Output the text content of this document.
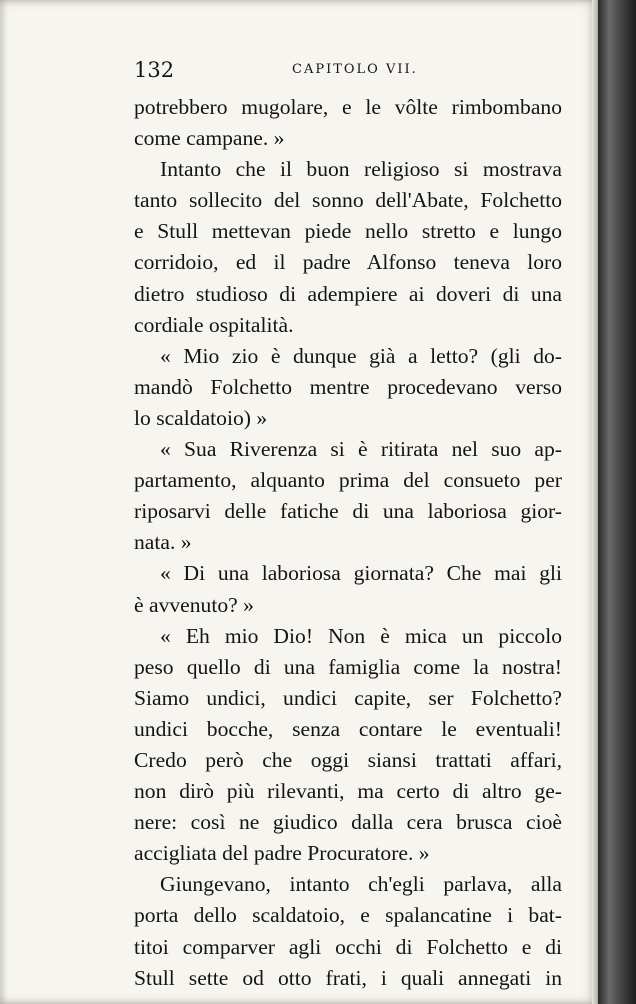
132	CAPITOLO VII.

potrebbero mugolare, e le vôlte rimbombano
come campane. »

Intanto che il buon religioso si mostrava
tanto sollecito del sonno dell'Abate, Folchetto
e Stull mettevan piede nello stretto e lungo
corridoio, ed il padre Alfonso teneva loro
dietro studioso di adempiere ai doveri di una
cordiale ospitalità.

« Mio zio è dunque già a letto? (gli do-
mandò Folchetto mentre procedevano verso
lo scaldatoio) »

« Sua Riverenza si è ritirata nel suo ap-
partamento, alquanto prima del consueto per
riposarvi delle fatiche di una laboriosa gior-
nata. »

« Di una laboriosa giornata? Che mai gli
è avvenuto? »

« Eh mio Dio! Non è mica un piccolo
peso quello di una famiglia come la nostra!
Siamo undici, undici capite, ser Folchetto?
undici bocche, senza contare le eventuali!
Credo però che oggi siansi trattati affari,
non dirò più rilevanti, ma certo di altro ge-
nere: così ne giudico dalla cera brusca cioè
accigliata del padre Procuratore. »

Giungevano, intanto ch'egli parlava, alla
porta dello scaldatoio, e spalancatine i bat-
titoi comparver agli occhi di Folchetto e di
Stull sette od otto frati, i quali annegati in
